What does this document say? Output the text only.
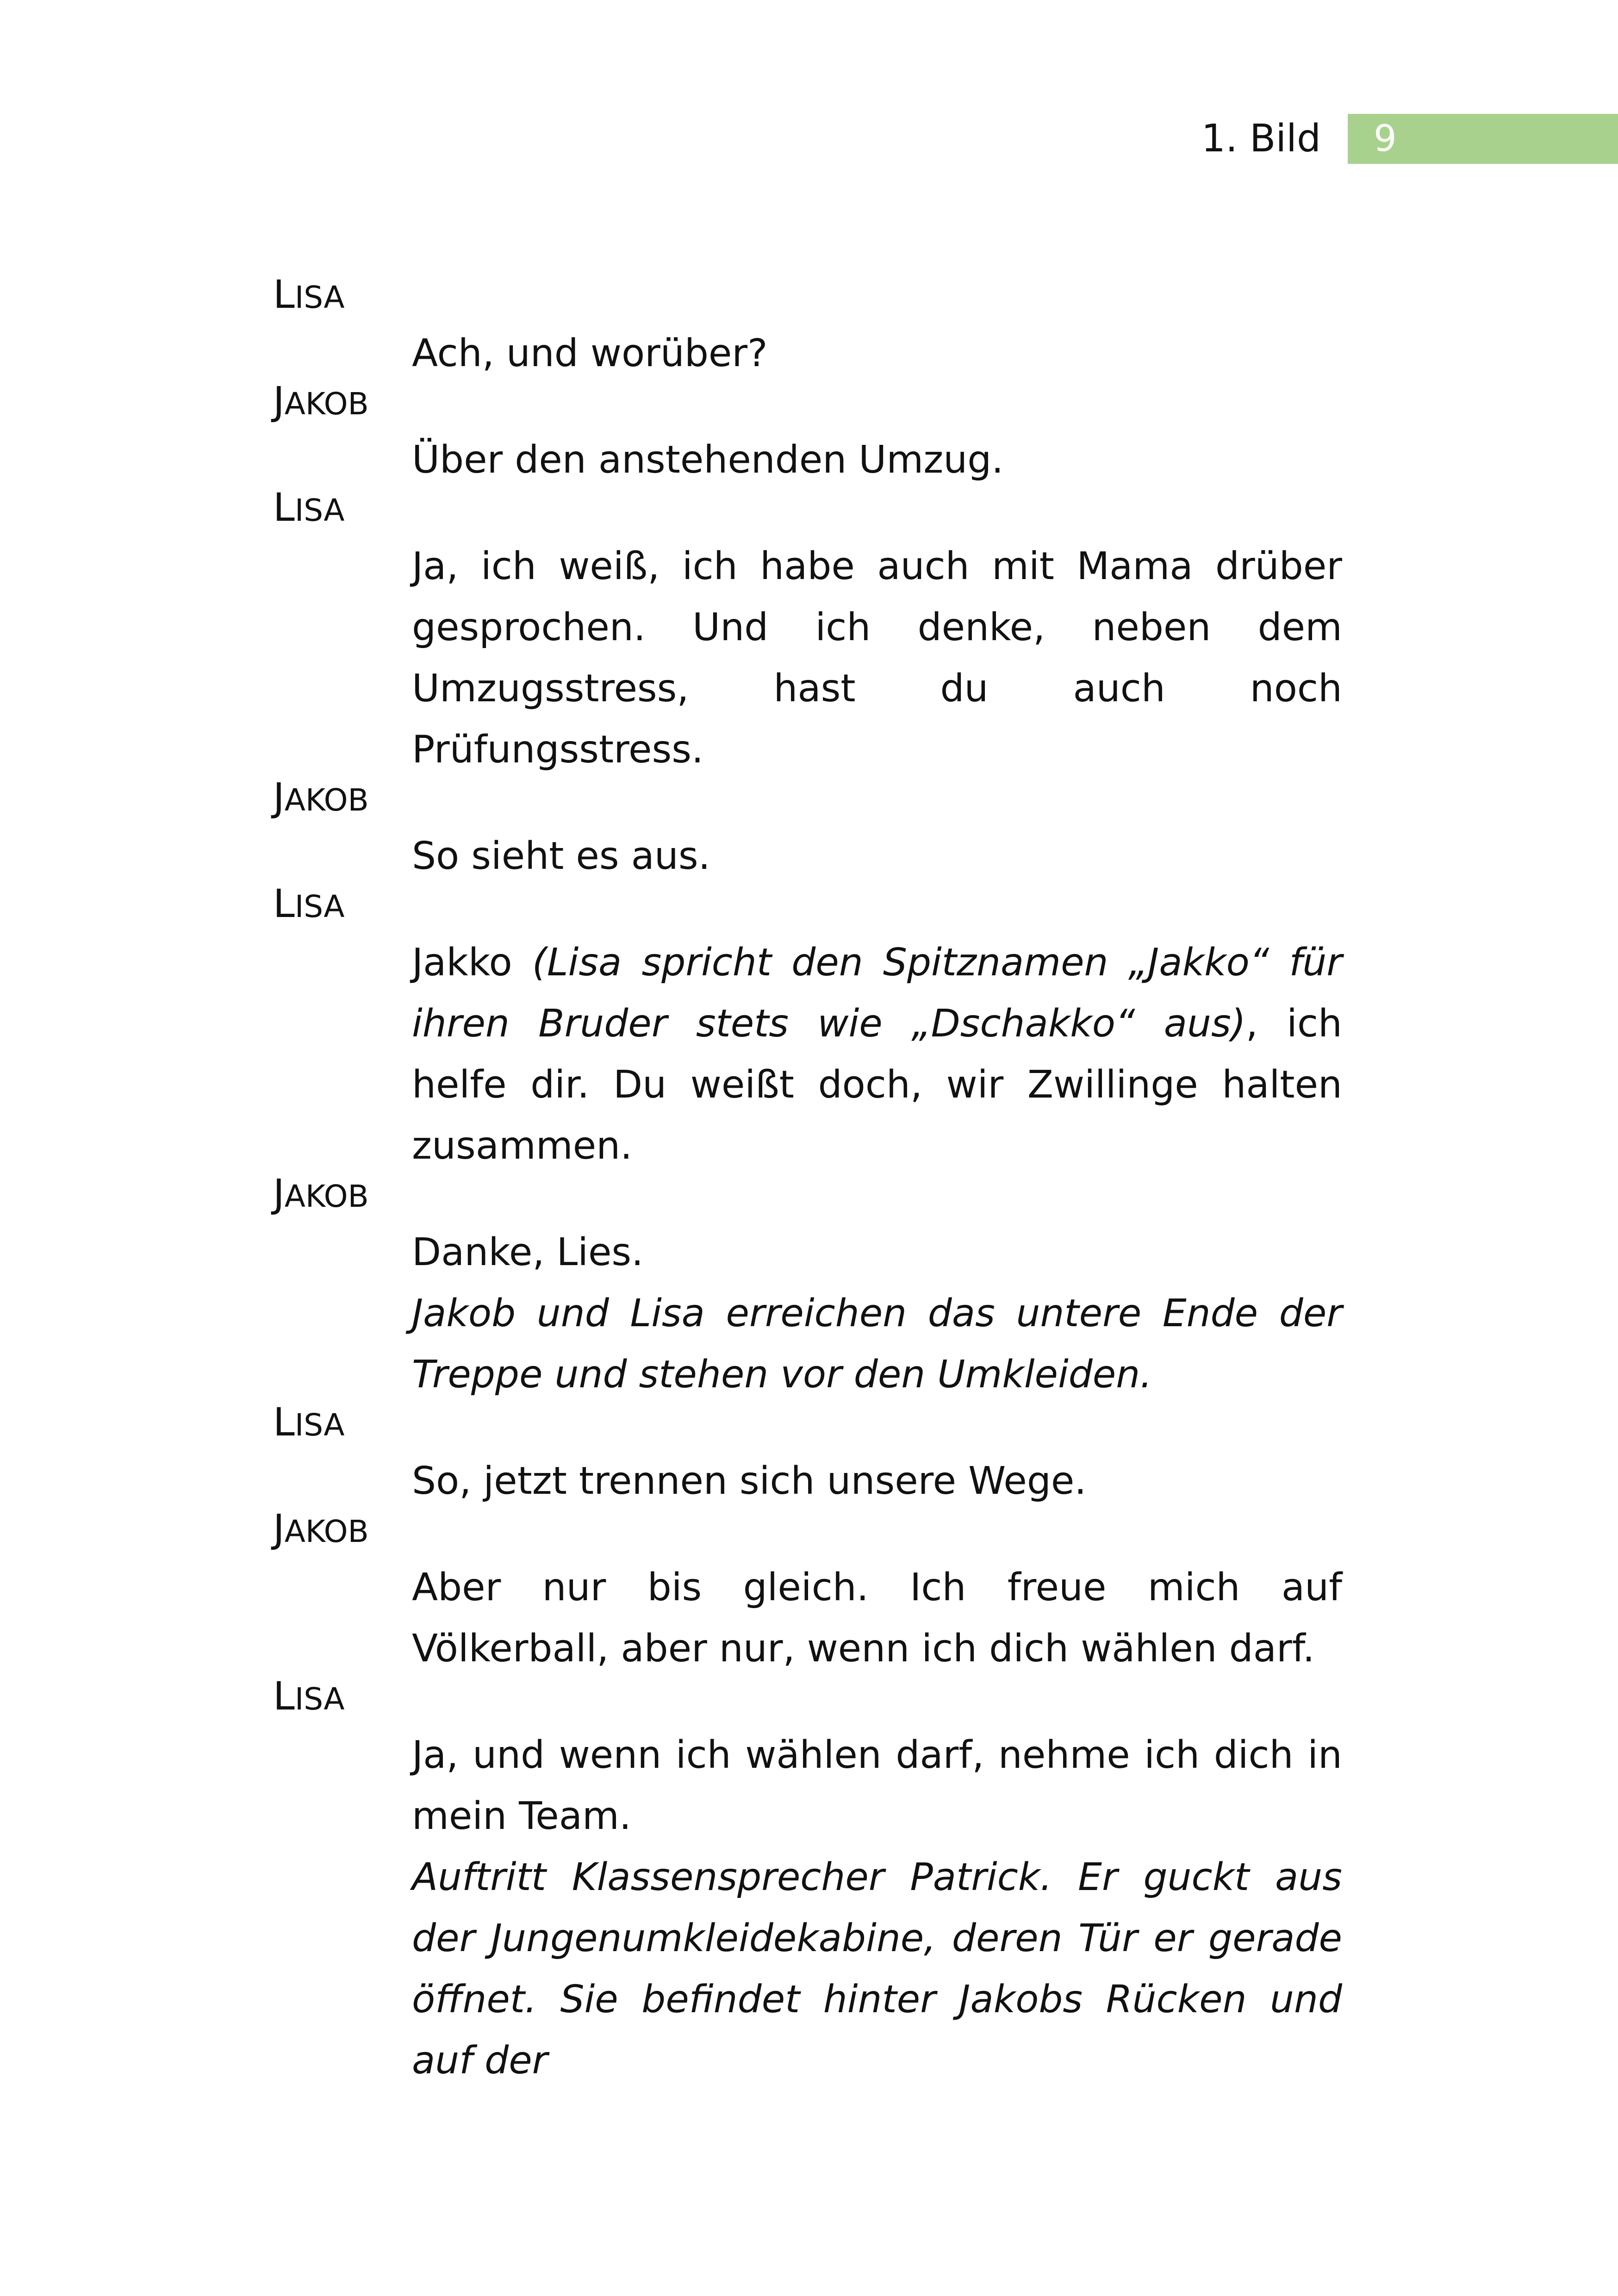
1. Bild	9
LISA

Ach, und worüber?

JAKOB

Über den anstehenden Umzug.

LISA

Ja, ich weiß, ich habe auch mit Mama drüber gesprochen. Und ich denke, neben dem Umzugsstress, hast du auch noch Prüfungsstress.

JAKOB

So sieht es aus.

LISA

Jakko (Lisa spricht den Spitznamen „Jakko“ für ihren Bruder stets wie „Dschakko“ aus), ich helfe dir. Du weißt doch, wir Zwillinge halten zusammen.

JAKOB

Danke, Lies.

Jakob und Lisa erreichen das untere Ende der Treppe und stehen vor den Umkleiden.

LISA

So, jetzt trennen sich unsere Wege.

JAKOB

Aber nur bis gleich. Ich freue mich auf Völkerball, aber nur, wenn ich dich wählen darf.

LISA

Ja, und wenn ich wählen darf, nehme ich dich in mein Team.

Auftritt Klassensprecher Patrick. Er guckt aus der Jungenumkleidekabine, deren Tür er gerade öffnet. Sie befindet hinter Jakobs Rücken und auf der
